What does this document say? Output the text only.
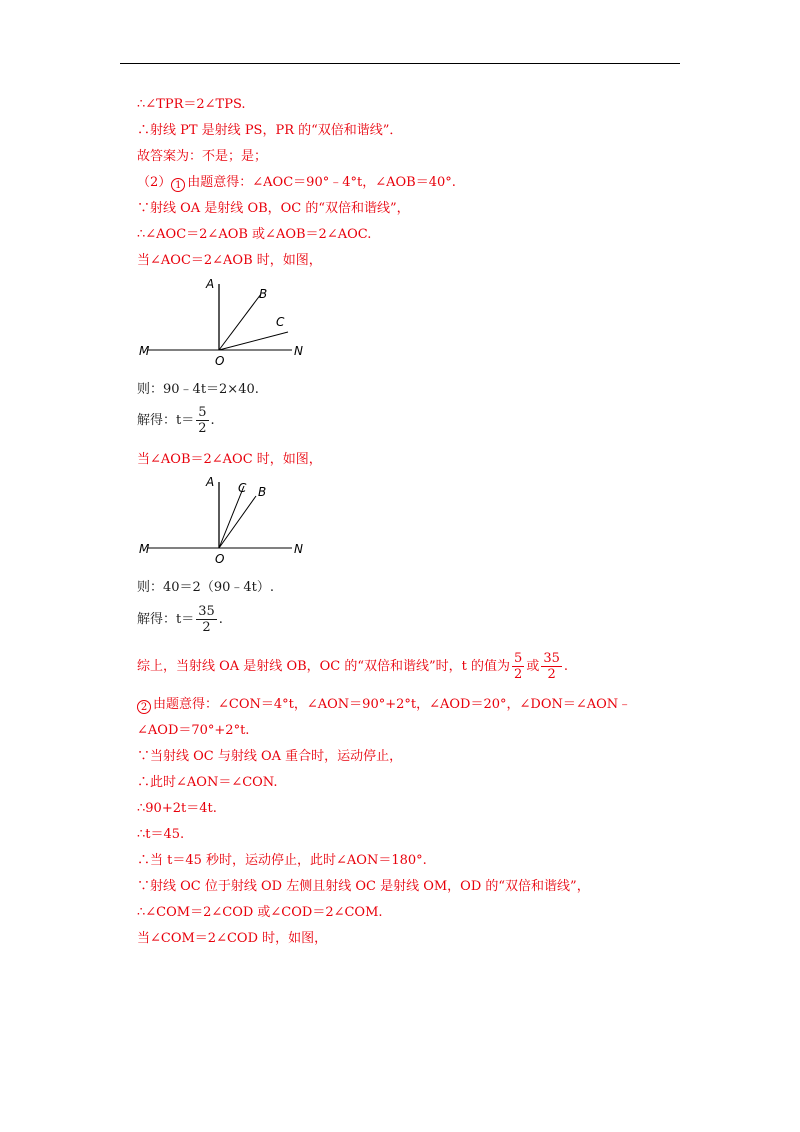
∴∠TPR＝2∠TPS.
∴射线 PT 是射线 PS，PR 的“双倍和谐线”．
故答案为：不是；是；
（2） 1 由题意得：∠AOC＝90°﹣4°t，∠AOB＝40°.
∵射线 OA 是射线 OB，OC 的“双倍和谐线”，
∴∠AOC＝2∠AOB 或∠AOB＝2∠AOC.
当∠AOC＝2∠AOB 时，如图，
A
B
C
M
O
N
则：90﹣4t＝2×40.
解得：$t= \frac{5}{2}$ .
当∠AOB＝2∠AOC 时，如图，
A C B
M
O
N
则：40＝2（90﹣4t）.
解得：$t= \frac{35}{2}$ .
综上，当射线 OA 是射线 OB，OC 的“双倍和谐线”时，t 的值为 $\frac{5}{2}$ 或 $\frac{35}{2}$ .
2 由题意得：∠CON＝4°t，∠AON＝90°+2°t，∠AOD＝20°，∠DON＝∠AON﹣
∠AOD＝70°+2°t.
∵当射线 OC 与射线 OA 重合时，运动停止，
∴此时∠AON＝∠CON.
∴90+2t＝4t.
∴t＝45.
∴当 t＝45 秒时，运动停止，此时∠AON＝180°.
∵射线 OC 位于射线 OD 左侧且射线 OC 是射线 OM，OD 的“双倍和谐线”，
∴∠COM＝2∠COD 或∠COD＝2∠COM.
当∠COM＝2∠COD 时，如图，
